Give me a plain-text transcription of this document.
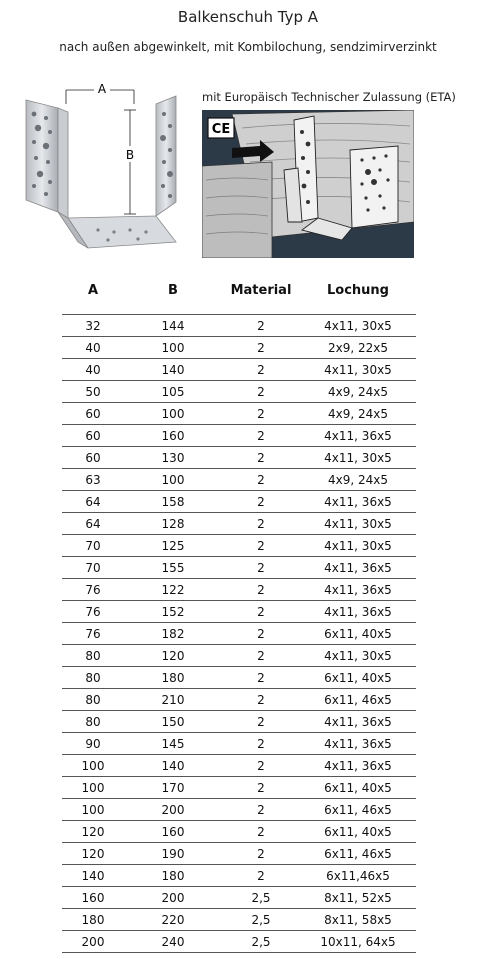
Balkenschuh Typ A
nach außen abgewinkelt, mit Kombilochung, sendzimirverzinkt
mit Europäisch Technischer Zulassung (ETA)
A
B
CE
A	B	Material	Lochung

32	144	2	4x11, 30x5
40	100	2	2x9, 22x5
40	140	2	4x11, 30x5
50	105	2	4x9, 24x5
60	100	2	4x9, 24x5
60	160	2	4x11, 36x5
60	130	2	4x11, 30x5
63	100	2	4x9, 24x5
64	158	2	4x11, 36x5
64	128	2	4x11, 30x5
70	125	2	4x11, 30x5
70	155	2	4x11, 36x5
76	122	2	4x11, 36x5
76	152	2	4x11, 36x5
76	182	2	6x11, 40x5
80	120	2	4x11, 30x5
80	180	2	6x11, 40x5
80	210	2	6x11, 46x5
80	150	2	4x11, 36x5
90	145	2	4x11, 36x5
100	140	2	4x11, 36x5
100	170	2	6x11, 40x5
100	200	2	6x11, 46x5
120	160	2	6x11, 40x5
120	190	2	6x11, 46x5
140	180	2	6x11,46x5
160	200	2,5	8x11, 52x5
180	220	2,5	8x11, 58x5
200	240	2,5	10x11, 64x5
